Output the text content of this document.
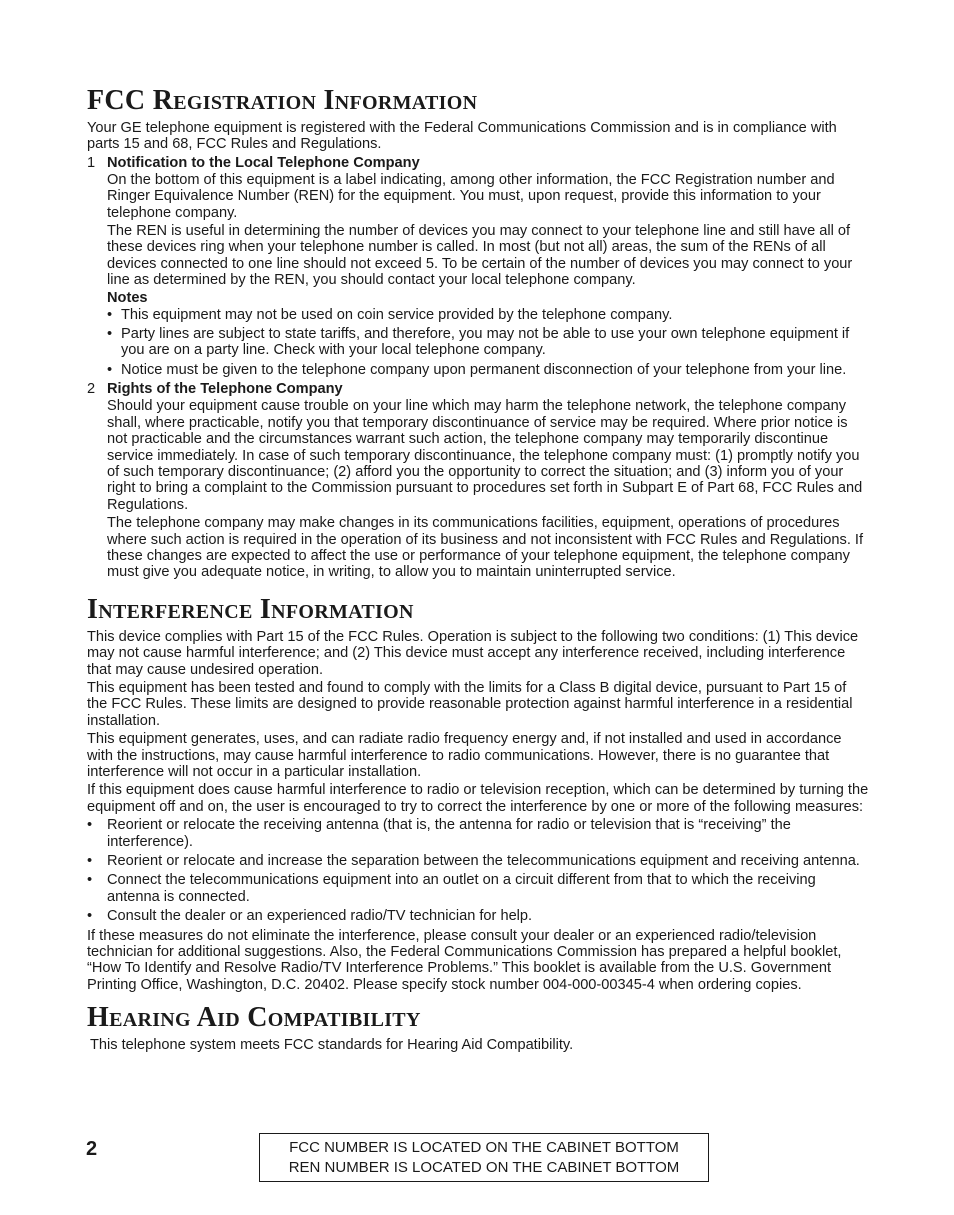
FCC Registration Information

Your GE telephone equipment is registered with the Federal Communications Commission and is in compliance with parts 15 and 68, FCC Rules and Regulations.

1 Notification to the Local Telephone Company

On the bottom of this equipment is a label indicating, among other information, the FCC Registration number and Ringer Equivalence Number (REN) for the equipment. You must, upon request, provide this information to your telephone company.

The REN is useful in determining the number of devices you may connect to your telephone line and still have all of these devices ring when your telephone number is called. In most (but not all) areas, the sum of the RENs of all devices connected to one line should not exceed 5. To be certain of the number of devices you may connect to your line as determined by the REN, you should contact your local telephone company.

Notes
• This equipment may not be used on coin service provided by the telephone company.
• Party lines are subject to state tariffs, and therefore, you may not be able to use your own telephone equipment if you are on a party line. Check with your local telephone company.
• Notice must be given to the telephone company upon permanent disconnection of your telephone from your line.
2 Rights of the Telephone Company

Should your equipment cause trouble on your line which may harm the telephone network, the telephone company shall, where practicable, notify you that temporary discontinuance of service may be required. Where prior notice is not practicable and the circumstances warrant such action, the telephone company may temporarily discontinue service immediately. In case of such temporary discontinuance, the telephone company must: (1) promptly notify you of such temporary discontinuance; (2) afford you the opportunity to correct the situation; and (3) inform you of your right to bring a complaint to the Commission pursuant to procedures set forth in Subpart E of Part 68, FCC Rules and Regulations.

The telephone company may make changes in its communications facilities, equipment, operations of procedures where such action is required in the operation of its business and not inconsistent with FCC Rules and Regulations. If these changes are expected to affect the use or performance of your telephone equipment, the telephone company must give you adequate notice, in writing, to allow you to maintain uninterrupted service.

Interference Information

This device complies with Part 15 of the FCC Rules. Operation is subject to the following two conditions: (1) This device may not cause harmful interference; and (2) This device must accept any interference received, including interference that may cause undesired operation.

This equipment has been tested and found to comply with the limits for a Class B digital device, pursuant to Part 15 of the FCC Rules. These limits are designed to provide reasonable protection against harmful interference in a residential installation.

This equipment generates, uses, and can radiate radio frequency energy and, if not installed and used in accordance with the instructions, may cause harmful interference to radio communications. However, there is no guarantee that interference will not occur in a particular installation.

If this equipment does cause harmful interference to radio or television reception, which can be determined by turning the equipment off and on, the user is encouraged to try to correct the interference by one or more of the following measures:

•	Reorient or relocate the receiving antenna (that is, the antenna for radio or television that is “receiving” the interference).
•	Reorient or relocate and increase the separation between the telecommunications equipment and receiving antenna.
•	Connect the telecommunications equipment into an outlet on a circuit different from that to which the receiving antenna is connected.
•	Consult the dealer or an experienced radio/TV technician for help.

If these measures do not eliminate the interference, please consult your dealer or an experienced radio/television technician for additional suggestions. Also, the Federal Communications Commission has prepared a helpful booklet, “How To Identify and Resolve Radio/TV Interference Problems.” This booklet is available from the U.S. Government Printing Office, Washington, D.C. 20402. Please specify stock number 004-000-00345-4 when ordering copies.

Hearing Aid Compatibility

This telephone system meets FCC standards for Hearing Aid Compatibility.

2	FCC NUMBER IS LOCATED ON THE CABINET BOTTOM
REN NUMBER IS LOCATED ON THE CABINET BOTTOM
